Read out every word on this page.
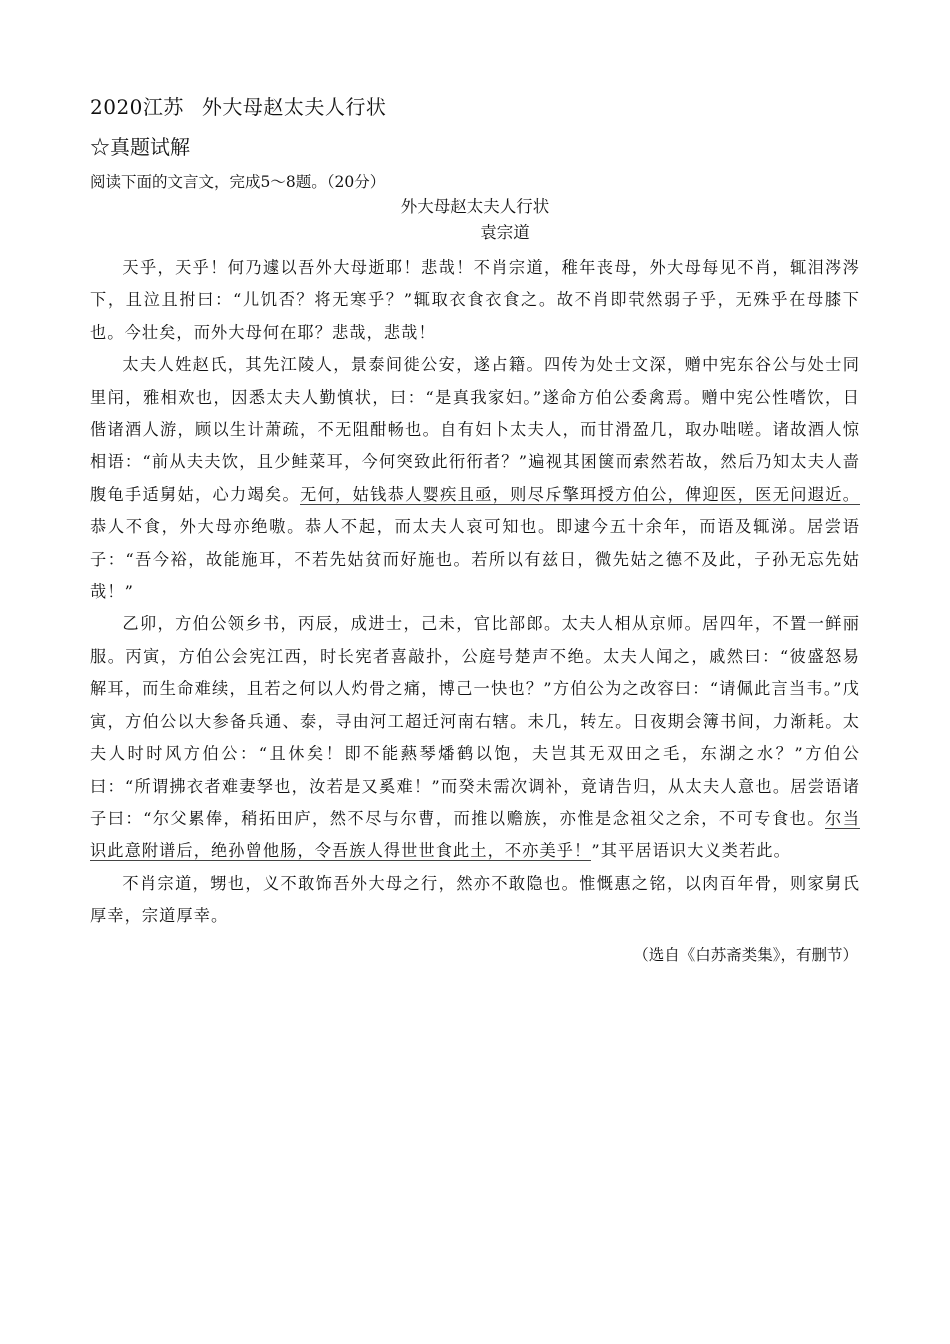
2020江苏 外大母赵太夫人行状
☆真题试解
阅读下面的文言文，完成5～8题。（20分）
外大母赵太夫人行状
袁宗道

天乎，天乎！何乃遽以吾外大母逝耶！悲哉！不肖宗道，稚年丧母，外大母每见不肖，辄泪涔涔下，且泣且拊曰：“儿饥否？将无寒乎？”辄取衣食衣食之。故不肖即茕然弱子乎，无殊乎在母膝下也。今壮矣，而外大母何在耶？悲哉，悲哉！

太夫人姓赵氏，其先江陵人，景泰间徙公安，遂占籍。四传为处士文深，赠中宪东谷公与处士同里闬，雅相欢也，因悉太夫人勤慎状，曰：“是真我家妇。”遂命方伯公委禽焉。赠中宪公性嗜饮，日偕诸酒人游，顾以生计萧疏，不无阻酣畅也。自有妇卜太夫人，而甘滑盈几，取办咄嗟。诸故酒人惊相语：“前从夫夫饮，且少鲑菜耳，今何突致此衎衎者？”遍视其囷箧而索然若故，然后乃知太夫人啬腹龟手适舅姑，心力竭矣。无何，姑钱恭人婴疾且亟，则尽斥擎珥授方伯公，俾迎医，医无问遐近。恭人不食，外大母亦绝嗷。恭人不起，而太夫人哀可知也。即逮今五十余年，而语及辄涕。居尝语子：“吾今裕，故能施耳，不若先姑贫而好施也。若所以有兹日，微先姑之德不及此，子孙无忘先姑哉！”

乙卯，方伯公领乡书，丙辰，成进士，己未，官比部郎。太夫人相从京师。居四年，不置一鲜丽服。丙寅，方伯公会宪江西，时长宪者喜敲扑，公庭号楚声不绝。太夫人闻之，戚然曰：“彼盛怒易解耳，而生命难续，且若之何以人灼骨之痛，博己一快也？”方伯公为之改容曰：“请佩此言当韦。”戊寅，方伯公以大参备兵通、泰，寻由河工超迁河南右辖。未几，转左。日夜期会簿书间，力渐耗。太夫人时时风方伯公：“且休矣！即不能爇琴燔鹤以饱，夫岂其无双田之毛，东湖之水？”方伯公曰：“所谓拂衣者难妻孥也，汝若是又奚难！”而癸未需次调补，竟请告归，从太夫人意也。居尝语诸子曰：“尔父累俸，稍拓田庐，然不尽与尔曹，而推以赡族，亦惟是念祖父之余，不可专食也。尔当识此意附谱后，绝孙曾他肠，令吾族人得世世食此土，不亦美乎！”其平居语识大义类若此。

不肖宗道，甥也，义不敢饰吾外大母之行，然亦不敢隐也。惟慨惠之铭，以肉百年骨，则家舅氏厚幸，宗道厚幸。

（选自《白苏斋类集》，有删节）
